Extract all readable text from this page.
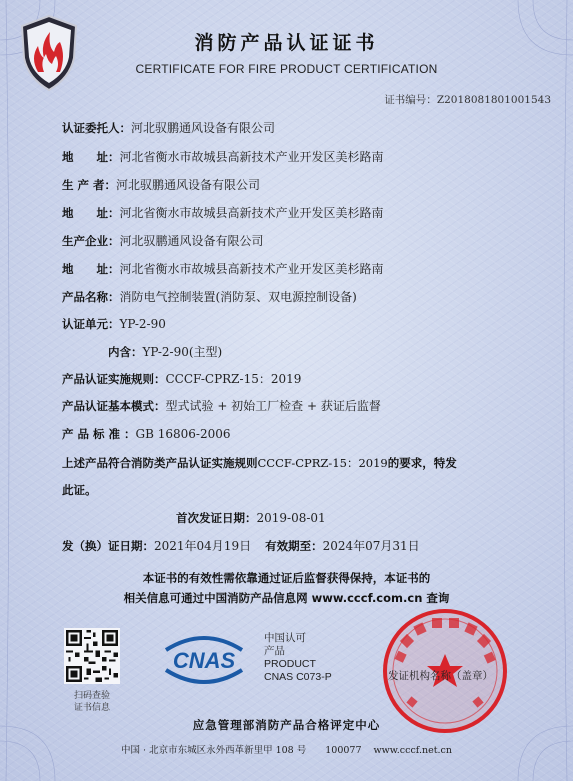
消防产品认证证书
CERTIFICATE FOR FIRE PRODUCT CERTIFICATION
证书编号：Z2018081801001543
认证委托人：河北驭鹏通风设备有限公司
地　　址：河北省衡水市故城县高新技术产业开发区美杉路南
生 产 者：河北驭鹏通风设备有限公司
地　　址：河北省衡水市故城县高新技术产业开发区美杉路南
生产企业：河北驭鹏通风设备有限公司
地　　址：河北省衡水市故城县高新技术产业开发区美杉路南
产品名称：消防电气控制装置(消防泵、双电源控制设备)
认证单元：YP-2-90
内含：YP-2-90(主型)
产品认证实施规则：CCCF-CPRZ-15：2019
产品认证基本模式：型式试验 + 初始工厂检查 + 获证后监督
产 品 标 准 ：GB 16806-2006
上述产品符合消防类产品认证实施规则CCCF-CPRZ-15：2019的要求，特发
此证。
首次发证日期：2019-08-01
发（换）证日期：2021年04月19日 有效期至：2024年07月31日
本证书的有效性需依靠通过证后监督获得保持，本证书的
相关信息可通过中国消防产品信息网 www.cccf.com.cn 查询
扫码查验
证书信息
CNAS
中国认可
产品
PRODUCT
CNAS C073-P	发证机构名称（盖章）
应急管理部消防产品合格评定中心
中国 · 北京市东城区永外西革新里甲 108 号　　100077 www.cccf.net.cn
